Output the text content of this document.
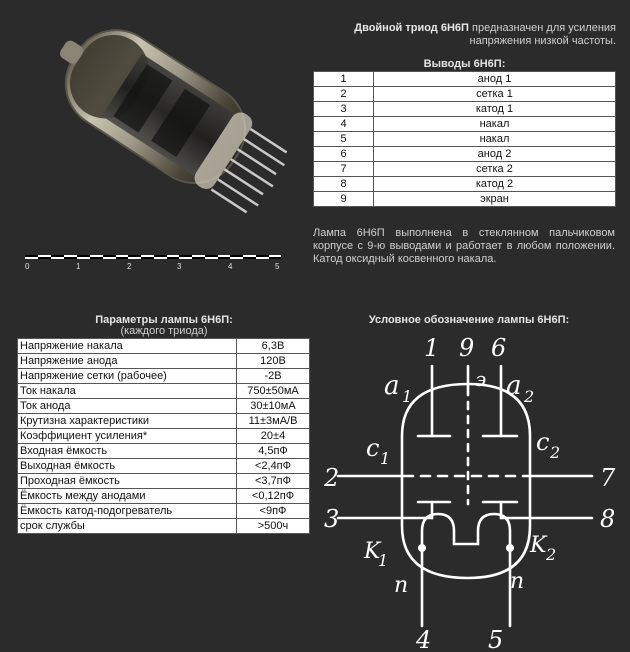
0	1	2	3	4	5
Двойной триод 6Н6П предназначен для усиления напряжения низкой частоты.
Выводы 6Н6П:
1	анод 1
2	сетка 1
3	катод 1
4	накал
5	накал
6	анод 2
7	сетка 2
8	катод 2
9	экран
Лампа 6Н6П выполнена в стеклянном пальчиковом корпусе с 9-ю выводами и работает в любом положении. Катод оксидный косвенного накала.
Параметры лампы 6Н6П:
(каждого триода)
Напряжение накала	6,3В
Напряжение анода	120В
Напряжение сетки (рабочее)	-2В
Ток накала	750±50мА
Ток анода	30±10мА
Крутизна характеристики	11±3мА/В
Коэффициент усиления*	20±4
Входная ёмкость	4,5пФ
Выходная ёмкость	<2,4пФ
Проходная ёмкость	<3,7пФ
Ёмкость между анодами	<0,12пФ
Ёмкость катод-подогреватель	<9пФ
срок службы	>500ч
Условное обозначение лампы 6Н6П:
1 9 6
2	7
3	8
4 5
a 1
э a 2
c 1
c 2
K
1
K 2
п	п
